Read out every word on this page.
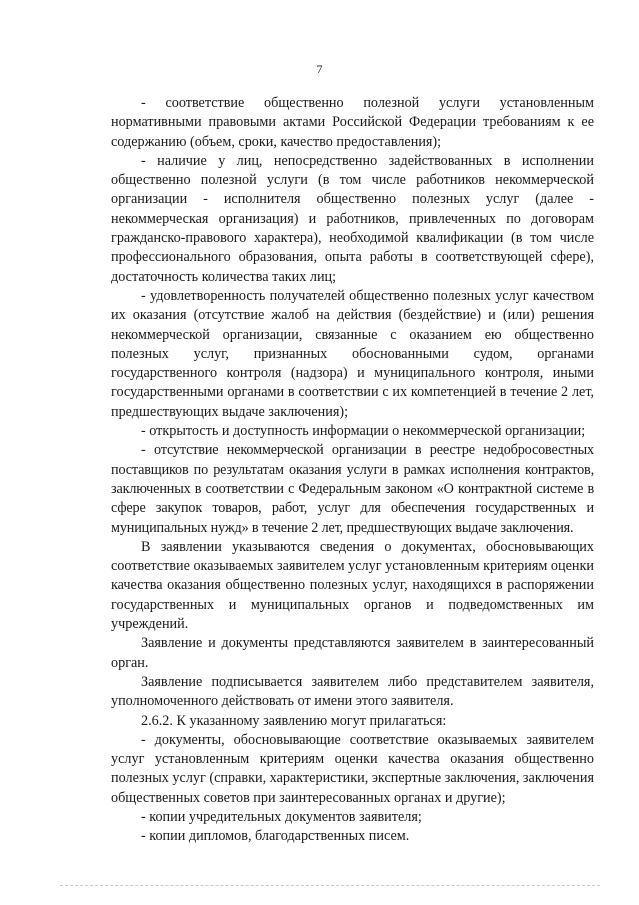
7

- соответствие общественно полезной услуги установленным нормативными правовыми актами Российской Федерации требованиям к ее содержанию (объем, сроки, качество предоставления);

- наличие у лиц, непосредственно задействованных в исполнении общественно полезной услуги (в том числе работников некоммерческой организации - исполнителя общественно полезных услуг (далее - некоммерческая организация) и работников, привлеченных по договорам гражданско-правового характера), необходимой квалификации (в том числе профессионального образования, опыта работы в соответствующей сфере), достаточность количества таких лиц;

- удовлетворенность получателей общественно полезных услуг качеством их оказания (отсутствие жалоб на действия (бездействие) и (или) решения некоммерческой организации, связанные с оказанием ею общественно полезных услуг, признанных обоснованными судом, органами государственного контроля (надзора) и муниципального контроля, иными государственными органами в соответствии с их компетенцией в течение 2 лет, предшествующих выдаче заключения);

- открытость и доступность информации о некоммерческой организации;

- отсутствие некоммерческой организации в реестре недобросовестных поставщиков по результатам оказания услуги в рамках исполнения контрактов, заключенных в соответствии с Федеральным законом «О контрактной системе в сфере закупок товаров, работ, услуг для обеспечения государственных и муниципальных нужд» в течение 2 лет, предшествующих выдаче заключения.

В заявлении указываются сведения о документах, обосновывающих соответствие оказываемых заявителем услуг установленным критериям оценки качества оказания общественно полезных услуг, находящихся в распоряжении государственных и муниципальных органов и подведомственных им учреждений.

Заявление и документы представляются заявителем в заинтересованный орган.

Заявление подписывается заявителем либо представителем заявителя, уполномоченного действовать от имени этого заявителя.

2.6.2. К указанному заявлению могут прилагаться:

- документы, обосновывающие соответствие оказываемых заявителем услуг установленным критериям оценки качества оказания общественно полезных услуг (справки, характеристики, экспертные заключения, заключения общественных советов при заинтересованных органах и другие);

- копии учредительных документов заявителя;

- копии дипломов, благодарственных писем.
